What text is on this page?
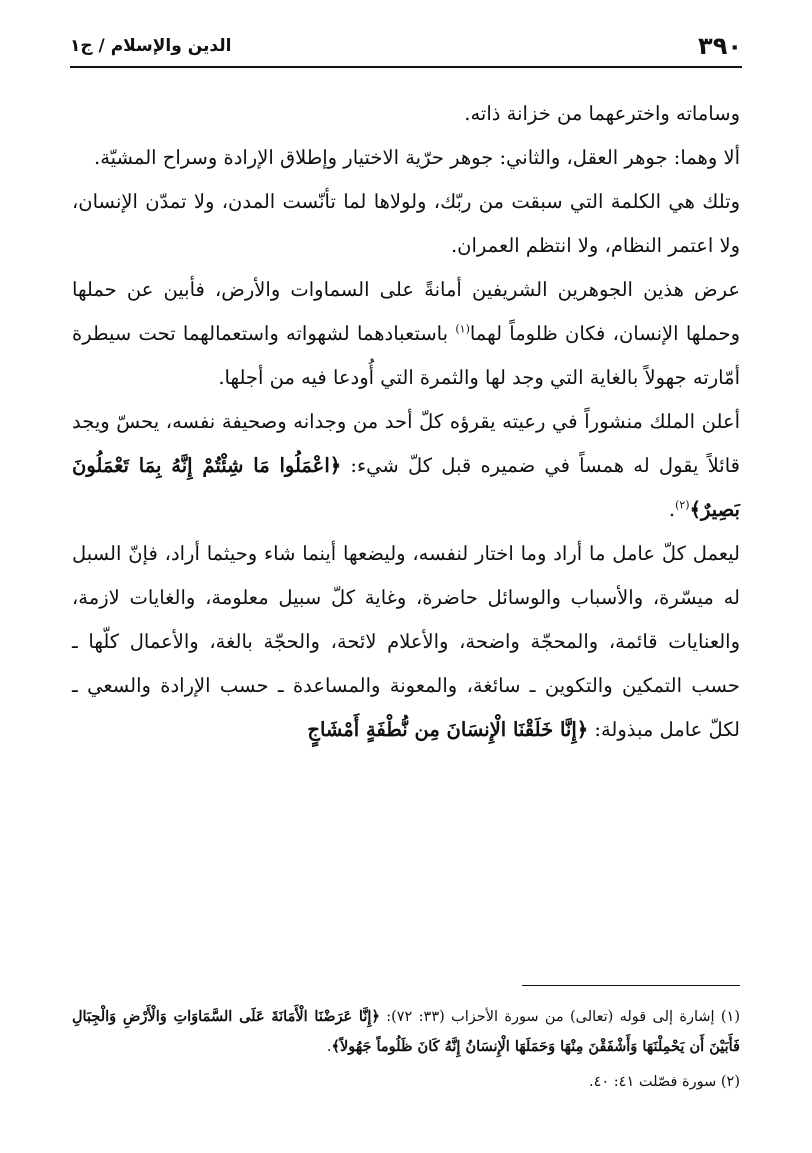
٣٩٠
الدين والإسلام / ج١

وساماته واخترعهما من خزانة ذاته.

ألا وهما: جوهر العقل، والثاني: جوهر حرّية الاختيار وإطلاق الإرادة وسراح المشيّة.

وتلك هي الكلمة التي سبقت من ربّك، ولولاها لما تأنّست المدن، ولا تمدّن الإنسان، ولا اعتمر النظام، ولا انتظم العمران.

عرض هذين الجوهرين الشريفين أمانةً على السماوات والأرض، فأبين عن حملها وحملها الإنسان، فكان ظلوماً لهما$^{(١)}$ باستعبادهما لشهواته واستعمالهما تحت سيطرة أمّارته جهولاً بالغاية التي وجد لها والثمرة التي أُودعا فيه من أجلها.

أعلن الملك منشوراً في رعيته يقرؤه كلّ أحد من وجدانه وصحيفة نفسه، يحسّ ويجد قائلاً يقول له همساً في ضميره قبل كلّ شيء: ﴿اعْمَلُوا مَا شِئْتُمْ إِنَّهُ بِمَا تَعْمَلُونَ بَصِيرٌ﴾$^{(٢)}$.

ليعمل كلّ عامل ما أراد وما اختار لنفسه، وليضعها أينما شاء وحيثما أراد، فإنّ السبل له ميسّرة، والأسباب والوسائل حاضرة، وغاية كلّ سبيل معلومة، والغايات لازمة، والعنايات قائمة، والمحجّة واضحة، والأعلام لائحة، والحجّة بالغة، والأعمال كلّها ـ حسب التمكين والتكوين ـ سائغة، والمعونة والمساعدة ـ حسب الإرادة والسعي ـ لكلّ عامل مبذولة: ﴿إِنَّا خَلَقْنَا الْإِنسَانَ مِن نُّطْفَةٍ أَمْشَاجٍ

(١) إشارة إلى قوله (تعالى) من سورة الأحزاب (٣٣: ٧٢): ﴿إِنَّا عَرَضْنَا الْأَمَانَةَ عَلَى السَّمَاوَاتِ وَالْأَرْضِ وَالْجِبَالِ فَأَبَيْنَ أَن يَحْمِلْنَهَا وَأَشْفَقْنَ مِنْهَا وَحَمَلَهَا الْإِنسَانُ إِنَّهُ كَانَ ظَلُوماً جَهُولاً﴾.

(٢) سورة فصّلت ٤١: ٤٠.
